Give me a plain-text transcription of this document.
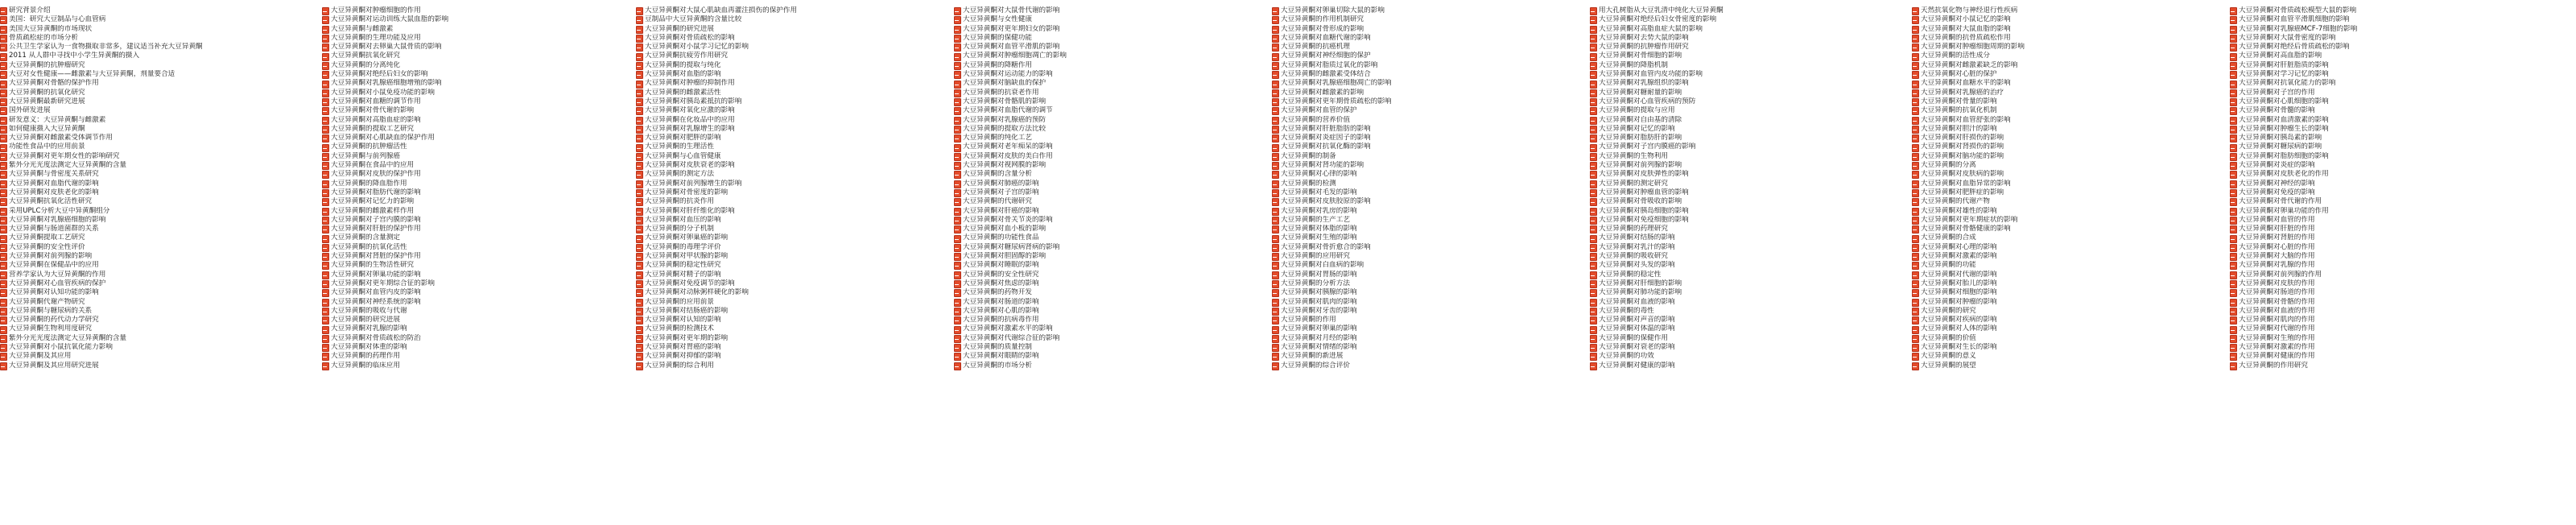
研究背景介绍
美国：研究大豆制品与心血管病
美国大豆异黄酮的市场现状
骨质疏松症的市场分析
公共卫生学家认为一食物摄取非常多，建议适当补充大豆异黄酮
2011 从人群中寻找中小学生异黄酮的摄入
大豆异黄酮的抗肿瘤研究
大豆对女性健康——雌激素与大豆异黄酮，剂量要合适
大豆异黄酮对骨骼的保护作用
大豆异黄酮的抗氧化研究
大豆异黄酮最新研究进展
国外研发进展
研发意义：大豆异黄酮与雌激素
如何健康摄入大豆异黄酮
大豆异黄酮对雌激素受体调节作用
功能性食品中的应用前景
大豆异黄酮对更年期女性的影响研究
紫外分光光度法测定大豆异黄酮的含量
大豆异黄酮与骨密度关系研究
大豆异黄酮对血脂代谢的影响
大豆异黄酮对皮肤老化的影响
大豆异黄酮抗氧化活性研究
采用UPLC分析大豆中异黄酮组分
大豆异黄酮对乳腺癌细胞的影响
大豆异黄酮与肠道菌群的关系
大豆异黄酮提取工艺研究
大豆异黄酮的安全性评价
大豆异黄酮对前列腺的影响
大豆异黄酮在保健品中的应用
营养学家认为大豆异黄酮的作用
大豆异黄酮对心血管疾病的保护
大豆异黄酮对认知功能的影响
大豆异黄酮代谢产物研究
大豆异黄酮与糖尿病的关系
大豆异黄酮的药代动力学研究
大豆异黄酮生物利用度研究
紫外分光光度法测定大豆异黄酮的含量
大豆异黄酮对小鼠抗氧化能力影响
大豆异黄酮及其应用
大豆异黄酮及其应用研究进展
大豆异黄酮对肿瘤细胞的作用
大豆异黄酮对运动训练大鼠血脂的影响
大豆异黄酮与雌激素
大豆异黄酮的生理功能及应用
大豆异黄酮对去卵巢大鼠骨质的影响
大豆异黄酮抗氧化研究
大豆异黄酮的分离纯化
大豆异黄酮对绝经后妇女的影响
大豆异黄酮对乳腺癌细胞增殖的影响
大豆异黄酮对小鼠免疫功能的影响
大豆异黄酮对血糖的调节作用
大豆异黄酮对骨代谢的影响
大豆异黄酮对高脂血症的影响
大豆异黄酮的提取工艺研究
大豆异黄酮对心肌缺血的保护作用
大豆异黄酮的抗肿瘤活性
大豆异黄酮与前列腺癌
大豆异黄酮在食品中的应用
大豆异黄酮对皮肤的保护作用
大豆异黄酮的降血脂作用
大豆异黄酮对脂肪代谢的影响
大豆异黄酮对记忆力的影响
大豆异黄酮的雌激素样作用
大豆异黄酮对子宫内膜的影响
大豆异黄酮对肝脏的保护作用
大豆异黄酮的含量测定
大豆异黄酮的抗氧化活性
大豆异黄酮对肾脏的保护作用
大豆异黄酮的生物活性研究
大豆异黄酮对卵巢功能的影响
大豆异黄酮对更年期综合征的影响
大豆异黄酮对血管内皮的影响
大豆异黄酮对神经系统的影响
大豆异黄酮的吸收与代谢
大豆异黄酮的研究进展
大豆异黄酮对乳腺的影响
大豆异黄酮对骨质疏松的防治
大豆异黄酮对体重的影响
大豆异黄酮的药理作用
大豆异黄酮的临床应用
大豆异黄酮对大鼠心肌缺血再灌注损伤的保护作用
豆制品中大豆异黄酮的含量比较
大豆异黄酮的研究进展
大豆异黄酮对骨质疏松的影响
大豆异黄酮对小鼠学习记忆的影响
大豆异黄酮抗疲劳作用研究
大豆异黄酮的提取与纯化
大豆异黄酮对血脂的影响
大豆异黄酮对肿瘤的抑制作用
大豆异黄酮的雌激素活性
大豆异黄酮对胰岛素抵抗的影响
大豆异黄酮对氧化应激的影响
大豆异黄酮在化妆品中的应用
大豆异黄酮对乳腺增生的影响
大豆异黄酮对肥胖的影响
大豆异黄酮的生理活性
大豆异黄酮与心血管健康
大豆异黄酮对皮肤衰老的影响
大豆异黄酮的测定方法
大豆异黄酮对前列腺增生的影响
大豆异黄酮对骨密度的影响
大豆异黄酮的抗炎作用
大豆异黄酮对肝纤维化的影响
大豆异黄酮对血压的影响
大豆异黄酮的分子机制
大豆异黄酮对卵巢癌的影响
大豆异黄酮的毒理学评价
大豆异黄酮对甲状腺的影响
大豆异黄酮的稳定性研究
大豆异黄酮对精子的影响
大豆异黄酮对免疫调节的影响
大豆异黄酮对动脉粥样硬化的影响
大豆异黄酮的应用前景
大豆异黄酮对结肠癌的影响
大豆异黄酮对认知的影响
大豆异黄酮的检测技术
大豆异黄酮对更年期的影响
大豆异黄酮对胃癌的影响
大豆异黄酮对抑郁的影响
大豆异黄酮的综合利用
大豆异黄酮对大鼠骨代谢的影响
大豆异黄酮与女性健康
大豆异黄酮对更年期妇女的影响
大豆异黄酮的保健功能
大豆异黄酮对血管平滑肌的影响
大豆异黄酮对肿瘤细胞凋亡的影响
大豆异黄酮的降糖作用
大豆异黄酮对运动能力的影响
大豆异黄酮对脑缺血的保护
大豆异黄酮的抗衰老作用
大豆异黄酮对骨骼肌的影响
大豆异黄酮对血脂代谢的调节
大豆异黄酮对乳腺癌的预防
大豆异黄酮的提取方法比较
大豆异黄酮的纯化工艺
大豆异黄酮对老年痴呆的影响
大豆异黄酮对皮肤的美白作用
大豆异黄酮对视网膜的影响
大豆异黄酮的含量分析
大豆异黄酮对肺癌的影响
大豆异黄酮对子宫的影响
大豆异黄酮的代谢研究
大豆异黄酮对肝癌的影响
大豆异黄酮对骨关节炎的影响
大豆异黄酮对血小板的影响
大豆异黄酮的功能性食品
大豆异黄酮对糖尿病肾病的影响
大豆异黄酮对胆固醇的影响
大豆异黄酮对睡眠的影响
大豆异黄酮的安全性研究
大豆异黄酮对焦虑的影响
大豆异黄酮的药物开发
大豆异黄酮对肠道的影响
大豆异黄酮对心肌的影响
大豆异黄酮的抗病毒作用
大豆异黄酮对激素水平的影响
大豆异黄酮对代谢综合征的影响
大豆异黄酮的质量控制
大豆异黄酮对眼睛的影响
大豆异黄酮的市场分析
大豆异黄酮对卵巢切除大鼠的影响
大豆异黄酮的作用机制研究
大豆异黄酮对骨形成的影响
大豆异黄酮对血糖代谢的影响
大豆异黄酮的抗癌机理
大豆异黄酮对神经细胞的保护
大豆异黄酮对脂质过氧化的影响
大豆异黄酮的雌激素受体结合
大豆异黄酮对乳腺癌细胞凋亡的影响
大豆异黄酮对雌激素的影响
大豆异黄酮对更年期骨质疏松的影响
大豆异黄酮对血管的保护
大豆异黄酮的营养价值
大豆异黄酮对肝脏脂肪的影响
大豆异黄酮对炎症因子的影响
大豆异黄酮对抗氧化酶的影响
大豆异黄酮的制备
大豆异黄酮对肾功能的影响
大豆异黄酮对心律的影响
大豆异黄酮的检测
大豆异黄酮对毛发的影响
大豆异黄酮对皮肤胶原的影响
大豆异黄酮对乳房的影响
大豆异黄酮的生产工艺
大豆异黄酮对体脂的影响
大豆异黄酮对生殖的影响
大豆异黄酮对骨折愈合的影响
大豆异黄酮的应用研究
大豆异黄酮对白血病的影响
大豆异黄酮对胃肠的影响
大豆异黄酮的分析方法
大豆异黄酮对胰腺的影响
大豆异黄酮对肌肉的影响
大豆异黄酮对牙齿的影响
大豆异黄酮的作用
大豆异黄酮对卵巢的影响
大豆异黄酮对月经的影响
大豆异黄酮对情绪的影响
大豆异黄酮的新进展
大豆异黄酮的综合评价
用大孔树脂从大豆乳清中纯化大豆异黄酮
大豆异黄酮对绝经后妇女骨密度的影响
大豆异黄酮对高脂血症大鼠的影响
大豆异黄酮对去势大鼠的影响
大豆异黄酮的抗肿瘤作用研究
大豆异黄酮对骨细胞的影响
大豆异黄酮的降脂机制
大豆异黄酮对血管内皮功能的影响
大豆异黄酮对乳腺组织的影响
大豆异黄酮对糖耐量的影响
大豆异黄酮对心血管疾病的预防
大豆异黄酮的提取与应用
大豆异黄酮对自由基的清除
大豆异黄酮对记忆的影响
大豆异黄酮对脂肪肝的影响
大豆异黄酮对子宫内膜癌的影响
大豆异黄酮的生物利用
大豆异黄酮对前列腺的影响
大豆异黄酮对皮肤弹性的影响
大豆异黄酮的测定研究
大豆异黄酮对肿瘤血管的影响
大豆异黄酮对骨吸收的影响
大豆异黄酮对胰岛细胞的影响
大豆异黄酮对免疫细胞的影响
大豆异黄酮的药理研究
大豆异黄酮对结肠的影响
大豆异黄酮对乳汁的影响
大豆异黄酮的吸收研究
大豆异黄酮对头发的影响
大豆异黄酮的稳定性
大豆异黄酮对肝细胞的影响
大豆异黄酮对肺功能的影响
大豆异黄酮对血液的影响
大豆异黄酮的毒性
大豆异黄酮对声音的影响
大豆异黄酮对体温的影响
大豆异黄酮的保健作用
大豆异黄酮对衰老的影响
大豆异黄酮的功效
大豆异黄酮对健康的影响
天然抗氧化物与神经退行性疾病
大豆异黄酮对小鼠记忆的影响
大豆异黄酮对大鼠血脂的影响
大豆异黄酮的抗骨质疏松作用
大豆异黄酮对肿瘤细胞周期的影响
大豆异黄酮的活性成分
大豆异黄酮对雌激素缺乏的影响
大豆异黄酮对心脏的保护
大豆异黄酮对血糖水平的影响
大豆异黄酮对乳腺癌的治疗
大豆异黄酮对骨量的影响
大豆异黄酮的抗氧化机制
大豆异黄酮对血管舒张的影响
大豆异黄酮对胆汁的影响
大豆异黄酮对肝损伤的影响
大豆异黄酮对肾损伤的影响
大豆异黄酮对脑功能的影响
大豆异黄酮的分离
大豆异黄酮对皮肤病的影响
大豆异黄酮对血脂异常的影响
大豆异黄酮对肥胖症的影响
大豆异黄酮的代谢产物
大豆异黄酮对雄性的影响
大豆异黄酮对更年期症状的影响
大豆异黄酮对骨骼健康的影响
大豆异黄酮的合成
大豆异黄酮对心理的影响
大豆异黄酮对激素的影响
大豆异黄酮的功能
大豆异黄酮对代谢的影响
大豆异黄酮对胎儿的影响
大豆异黄酮对细胞的影响
大豆异黄酮对肿瘤的影响
大豆异黄酮的研究
大豆异黄酮对疾病的影响
大豆异黄酮对人体的影响
大豆异黄酮的价值
大豆异黄酮对生长的影响
大豆异黄酮的意义
大豆异黄酮的展望
大豆异黄酮对骨质疏松模型大鼠的影响
大豆异黄酮对血管平滑肌细胞的影响
大豆异黄酮对乳腺癌MCF-7细胞的影响
大豆异黄酮对大鼠骨密度的影响
大豆异黄酮对绝经后骨质疏松的影响
大豆异黄酮对高血脂的影响
大豆异黄酮对肝脏脂质的影响
大豆异黄酮对学习记忆的影响
大豆异黄酮对抗氧化能力的影响
大豆异黄酮对子宫的作用
大豆异黄酮对心肌细胞的影响
大豆异黄酮对骨髓的影响
大豆异黄酮对血清激素的影响
大豆异黄酮对肿瘤生长的影响
大豆异黄酮对胰岛素的影响
大豆异黄酮对糖尿病的影响
大豆异黄酮对脂肪细胞的影响
大豆异黄酮对炎症的影响
大豆异黄酮对皮肤老化的作用
大豆异黄酮对神经的影响
大豆异黄酮对免疫的影响
大豆异黄酮对骨代谢的作用
大豆异黄酮对卵巢功能的作用
大豆异黄酮对血管的作用
大豆异黄酮对肝脏的作用
大豆异黄酮对肾脏的作用
大豆异黄酮对心脏的作用
大豆异黄酮对大脑的作用
大豆异黄酮对乳腺的作用
大豆异黄酮对前列腺的作用
大豆异黄酮对皮肤的作用
大豆异黄酮对肠道的作用
大豆异黄酮对骨骼的作用
大豆异黄酮对血液的作用
大豆异黄酮对肌肉的作用
大豆异黄酮对代谢的作用
大豆异黄酮对生殖的作用
大豆异黄酮对激素的作用
大豆异黄酮对健康的作用
大豆异黄酮的作用研究
